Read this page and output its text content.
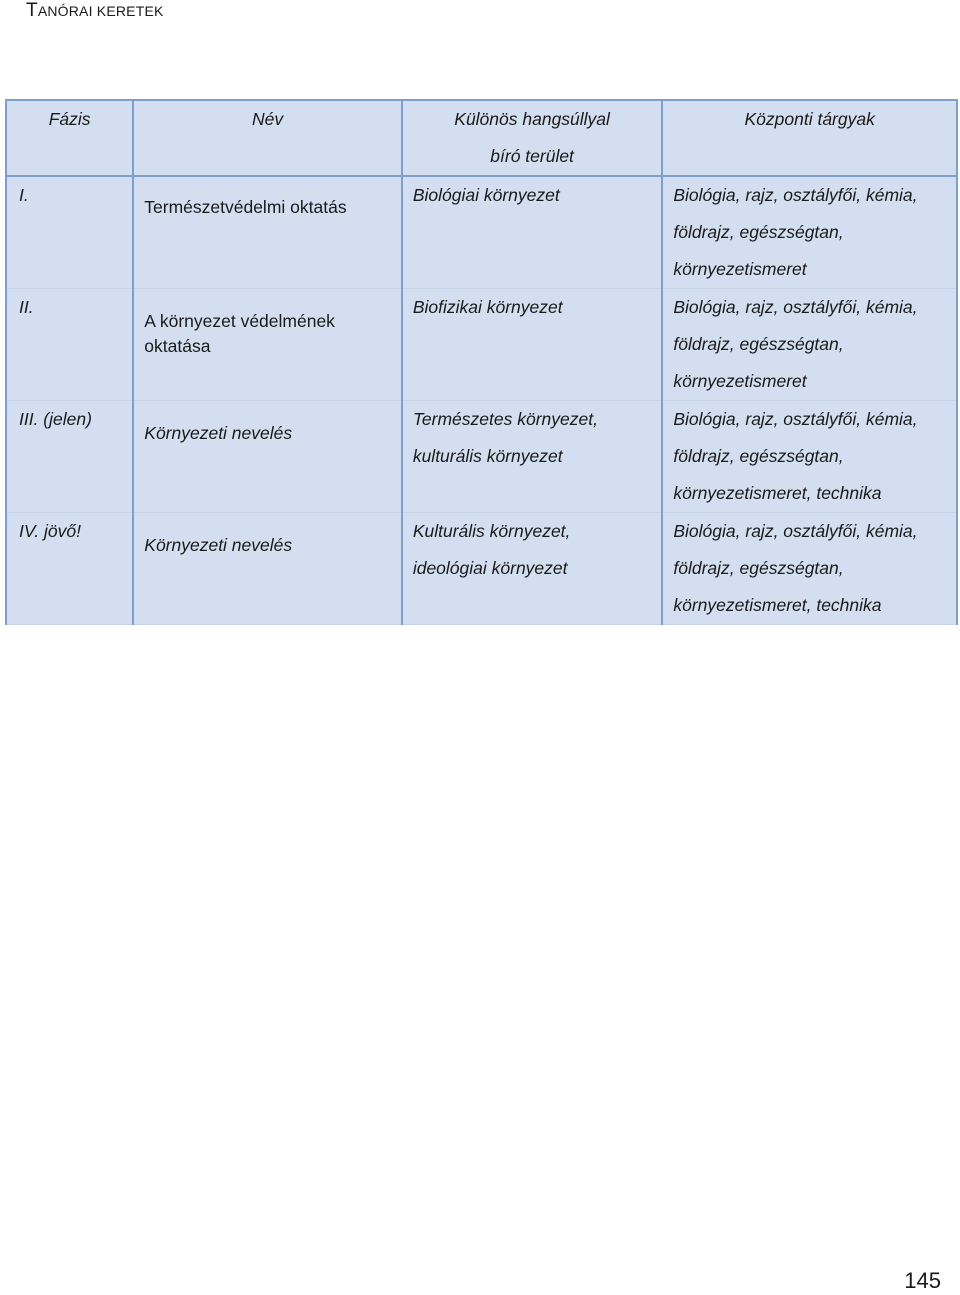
TANÓRAI KERETEK
Fázis	Név	Különös hangsúllyal
bíró terület	Központi tárgyak
I.	Természetvédelmi oktatás	Biológiai környezet	Biológia, rajz, osztályfői, kémia,
földrajz, egészségtan,
környezetismeret

II.	A környezet védelmének
oktatása	Biofizikai környezet	Biológia, rajz, osztályfői, kémia,
földrajz, egészségtan,
környezetismeret

III. (jelen)	Környezeti nevelés	Természetes környezet,
kulturális környezet	Biológia, rajz, osztályfői, kémia,
földrajz, egészségtan,
környezetismeret, technika

IV. jövő!	Környezeti nevelés	Kulturális környezet,
ideológiai környezet	Biológia, rajz, osztályfői, kémia,
földrajz, egészségtan,
környezetismeret, technika
145
